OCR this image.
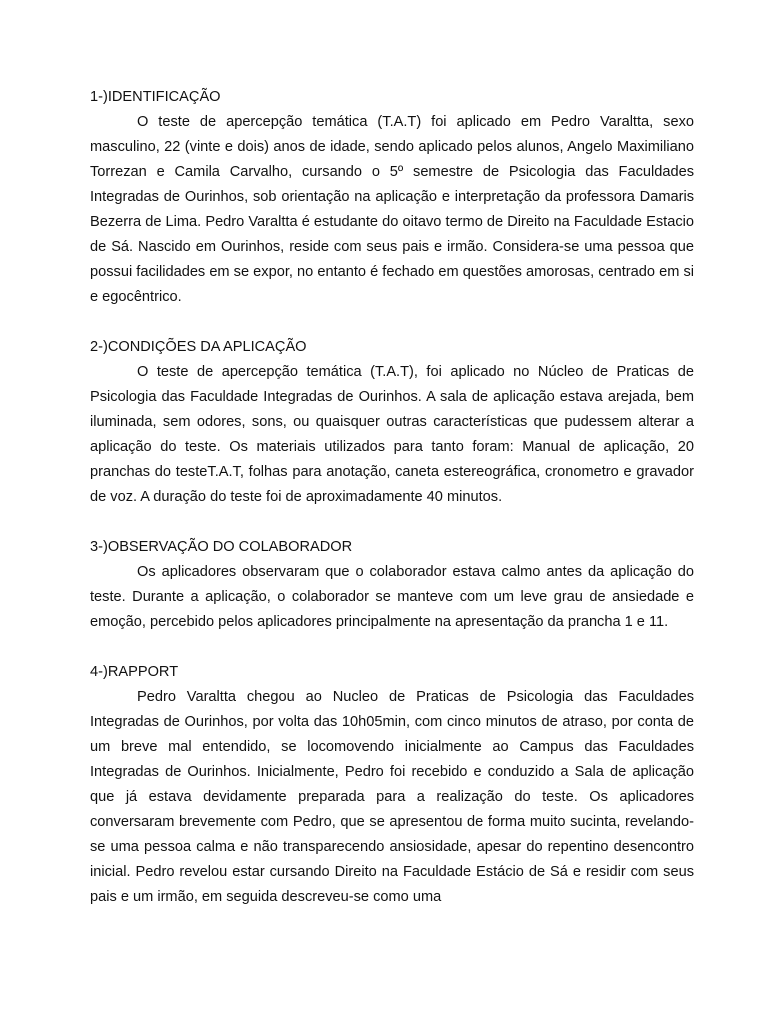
1-)IDENTIFICAÇÃO

O teste de apercepção temática (T.A.T) foi aplicado em Pedro Varaltta, sexo masculino, 22 (vinte e dois) anos de idade, sendo aplicado pelos alunos, Angelo Maximiliano Torrezan e Camila Carvalho, cursando o 5º semestre de Psicologia das Faculdades Integradas de Ourinhos, sob orientação na aplicação e interpretação da professora Damaris Bezerra de Lima. Pedro Varaltta é estudante do oitavo termo de Direito na Faculdade Estacio de Sá. Nascido em Ourinhos, reside com seus pais e irmão. Considera-se uma pessoa que possui facilidades em se expor, no entanto é fechado em questões amorosas, centrado em si e egocêntrico.

2-)CONDIÇÕES DA APLICAÇÃO

O teste de apercepção temática (T.A.T), foi aplicado no Núcleo de Praticas de Psicologia das Faculdade Integradas de Ourinhos. A sala de aplicação estava arejada, bem iluminada, sem odores, sons, ou quaisquer outras características que pudessem alterar a aplicação do teste. Os materiais utilizados para tanto foram: Manual de aplicação, 20 pranchas do testeT.A.T, folhas para anotação, caneta estereográfica, cronometro e gravador de voz. A duração do teste foi de aproximadamente 40 minutos.

3-)OBSERVAÇÃO DO COLABORADOR

Os aplicadores observaram que o colaborador estava calmo antes da aplicação do teste. Durante a aplicação, o colaborador se manteve com um leve grau de ansiedade e emoção, percebido pelos aplicadores principalmente na apresentação da prancha 1 e 11.

4-)RAPPORT

Pedro Varaltta chegou ao Nucleo de Praticas de Psicologia das Faculdades Integradas de Ourinhos, por volta das 10h05min, com cinco minutos de atraso, por conta de um breve mal entendido, se locomovendo inicialmente ao Campus das Faculdades Integradas de Ourinhos. Inicialmente, Pedro foi recebido e conduzido a Sala de aplicação que já estava devidamente preparada para a realização do teste. Os aplicadores conversaram brevemente com Pedro, que se apresentou de forma muito sucinta, revelando-se uma pessoa calma e não transparecendo ansiosidade, apesar do repentino desencontro inicial. Pedro revelou estar cursando Direito na Faculdade Estácio de Sá e residir com seus pais e um irmão, em seguida descreveu-se como uma
